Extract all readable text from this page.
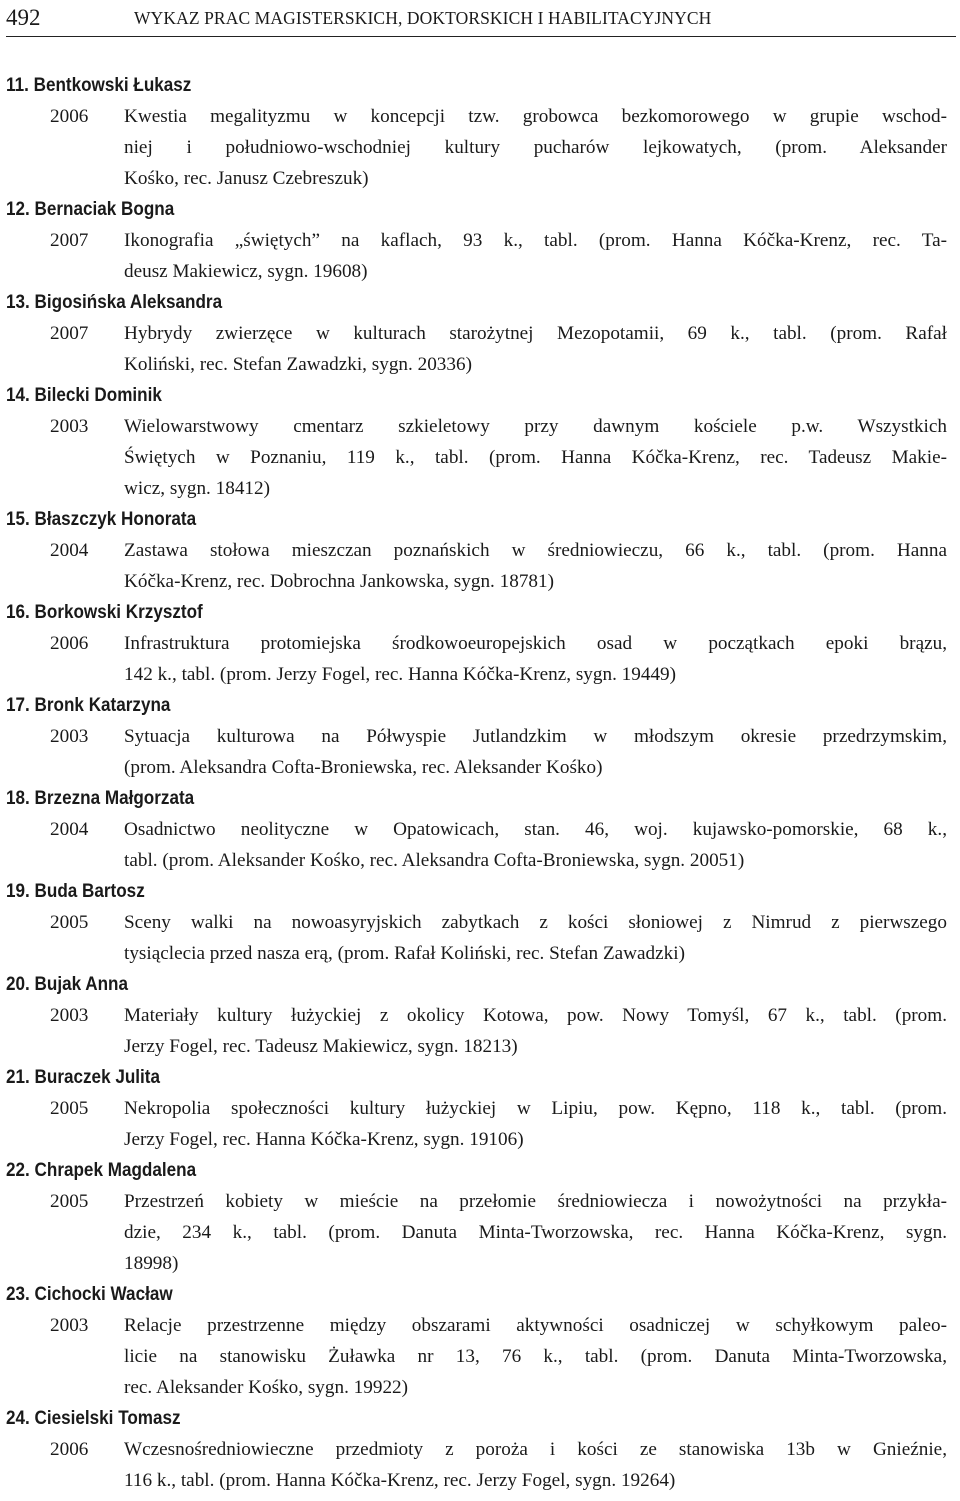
492	WYKAZ PRAC MAGISTERSKICH, DOKTORSKICH I HABILITACYJNYCH
11. Bentkowski Łukasz
2006 Kwestia megalityzmu w koncepcji tzw. grobowca bezkomorowego w grupie wschod-
niej i południowo-wschodniej kultury pucharów lejkowatych, (prom. Aleksander
Kośko, rec. Janusz Czebreszuk)
12. Bernaciak Bogna
2007 Ikonografia „świętych” na kaflach, 93 k., tabl. (prom. Hanna Kóčka-Krenz, rec. Ta-
deusz Makiewicz, sygn. 19608)
13. Bigosińska Aleksandra
2007 Hybrydy zwierzęce w kulturach starożytnej Mezopotamii, 69 k., tabl. (prom. Rafał
Koliński, rec. Stefan Zawadzki, sygn. 20336)
14. Bilecki Dominik
2003 Wielowarstwowy cmentarz szkieletowy przy dawnym kościele p.w. Wszystkich
Świętych w Poznaniu, 119 k., tabl. (prom. Hanna Kóčka-Krenz, rec. Tadeusz Makie-
wicz, sygn. 18412)
15. Błaszczyk Honorata
2004 Zastawa stołowa mieszczan poznańskich w średniowieczu, 66 k., tabl. (prom. Hanna
Kóčka-Krenz, rec. Dobrochna Jankowska, sygn. 18781)
16. Borkowski Krzysztof
2006 Infrastruktura protomiejska środkowoeuropejskich osad w początkach epoki brązu,
142 k., tabl. (prom. Jerzy Fogel, rec. Hanna Kóčka-Krenz, sygn. 19449)
17. Bronk Katarzyna
2003 Sytuacja kulturowa na Półwyspie Jutlandzkim w młodszym okresie przedrzymskim,
(prom. Aleksandra Cofta-Broniewska, rec. Aleksander Kośko)
18. Brzezna Małgorzata
2004 Osadnictwo neolityczne w Opatowicach, stan. 46, woj. kujawsko-pomorskie, 68 k.,
tabl. (prom. Aleksander Kośko, rec. Aleksandra Cofta-Broniewska, sygn. 20051)
19. Buda Bartosz
2005 Sceny walki na nowoasyryjskich zabytkach z kości słoniowej z Nimrud z pierwszego
tysiąclecia przed nasza erą, (prom. Rafał Koliński, rec. Stefan Zawadzki)
20. Bujak Anna
2003 Materiały kultury łużyckiej z okolicy Kotowa, pow. Nowy Tomyśl, 67 k., tabl. (prom.
Jerzy Fogel, rec. Tadeusz Makiewicz, sygn. 18213)
21. Buraczek Julita
2005 Nekropolia społeczności kultury łużyckiej w Lipiu, pow. Kępno, 118 k., tabl. (prom.
Jerzy Fogel, rec. Hanna Kóčka-Krenz, sygn. 19106)
22. Chrapek Magdalena
2005 Przestrzeń kobiety w mieście na przełomie średniowiecza i nowożytności na przykła-
dzie, 234 k., tabl. (prom. Danuta Minta-Tworzowska, rec. Hanna Kóčka-Krenz, sygn.
18998)
23. Cichocki Wacław
2003 Relacje przestrzenne między obszarami aktywności osadniczej w schyłkowym paleo-
licie na stanowisku Żuławka nr 13, 76 k., tabl. (prom. Danuta Minta-Tworzowska,
rec. Aleksander Kośko, sygn. 19922)
24. Ciesielski Tomasz
2006 Wczesnośredniowieczne przedmioty z poroża i kości ze stanowiska 13b w Gnieźnie,
116 k., tabl. (prom. Hanna Kóčka-Krenz, rec. Jerzy Fogel, sygn. 19264)
